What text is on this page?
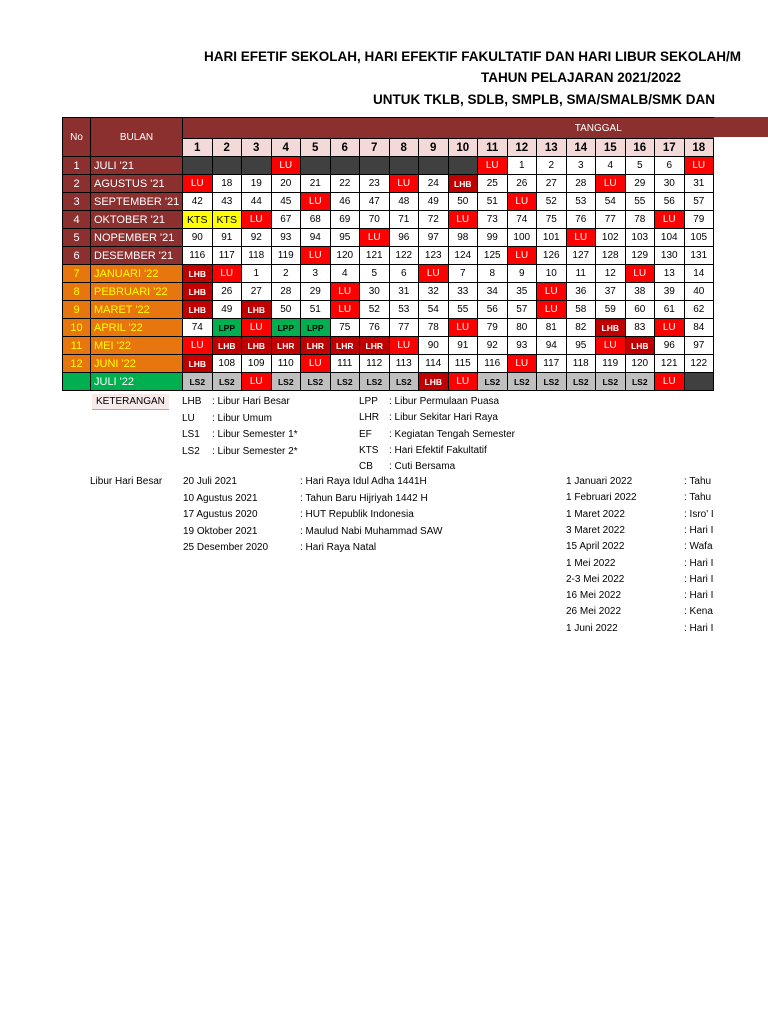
HARI EFETIF SEKOLAH, HARI EFEKTIF FAKULTATIF DAN HARI LIBUR SEKOLAH/M
TAHUN PELAJARAN 2021/2022
UNTUK TKLB, SDLB, SMPLB, SMA/SMALB/SMK DAN
No	BULAN	TANGGAL																	
		1	2	3	4	5	6	7	8	9	10	11	12	13	14	15	16	17	18
1	JULI '21				LU							LU	1	2	3	4	5	6	LU
2	AGUSTUS '21	LU	18	19	20	21	22	23	LU	24	LHB	25	26	27	28	LU	29	30	31
3	SEPTEMBER '21	42	43	44	45	LU	46	47	48	49	50	51	LU	52	53	54	55	56	57
4	OKTOBER '21	KTS	KTS	LU	67	68	69	70	71	72	LU	73	74	75	76	77	78	LU	79
5	NOPEMBER '21	90	91	92	93	94	95	LU	96	97	98	99	100	101	LU	102	103	104	105
6	DESEMBER '21	116	117	118	119	LU	120	121	122	123	124	125	LU	126	127	128	129	130	131
7	JANUARI '22	LHB	LU	1	2	3	4	5	6	LU	7	8	9	10	11	12	LU	13	14
8	PEBRUARI '22	LHB	26	27	28	29	LU	30	31	32	33	34	35	LU	36	37	38	39	40
9	MARET '22	LHB	49	LHB	50	51	LU	52	53	54	55	56	57	LU	58	59	60	61	62
10	APRIL '22	74	LPP	LU	LPP	LPP	75	76	77	78	LU	79	80	81	82	LHB	83	LU	84
11	MEI '22	LU	LHB	LHB	LHR	LHR	LHR	LHR	LU	90	91	92	93	94	95	LU	LHB	96	97
12	JUNI '22	LHB	108	109	110	LU	111	112	113	114	115	116	LU	117	118	119	120	121	122
	JULI '22	LS2	LS2	LU	LS2	LS2	LS2	LS2	LS2	LHB	LU	LS2	LS2	LS2	LS2	LS2	LS2	LU	
KETERANGAN	LHB : Libur Hari Besar
LU : Libur Umum
LS1 : Libur Semester 1*
LS2 : Libur Semester 2*
LPP : Libur Permulaan Puasa
LHR : Libur Sekitar Hari Raya
EF : Kegiatan Tengah Semester
KTS : Hari Efektif Fakultatif
CB : Cuti Bersama
Libur Hari Besar 20 Juli 2021	: Hari Raya Idul Adha 1441H
10 Agustus 2021	: Tahun Baru Hijriyah 1442 H
17 Agustus 2020	: HUT Republik Indonesia
19 Oktober 2021	: Maulud Nabi Muhammad SAW
25 Desember 2020	: Hari Raya Natal
1 Januari 2022	: Tahu
1 Februari 2022	: Tahu
1 Maret 2022	: Isro' I
3 Maret 2022	: Hari I
15 April 2022	: Wafa
1 Mei 2022	: Hari I
2-3 Mei 2022	: Hari I
16 Mei 2022	: Hari I
26 Mei 2022	: Kena
1 Juni 2022	: Hari I
